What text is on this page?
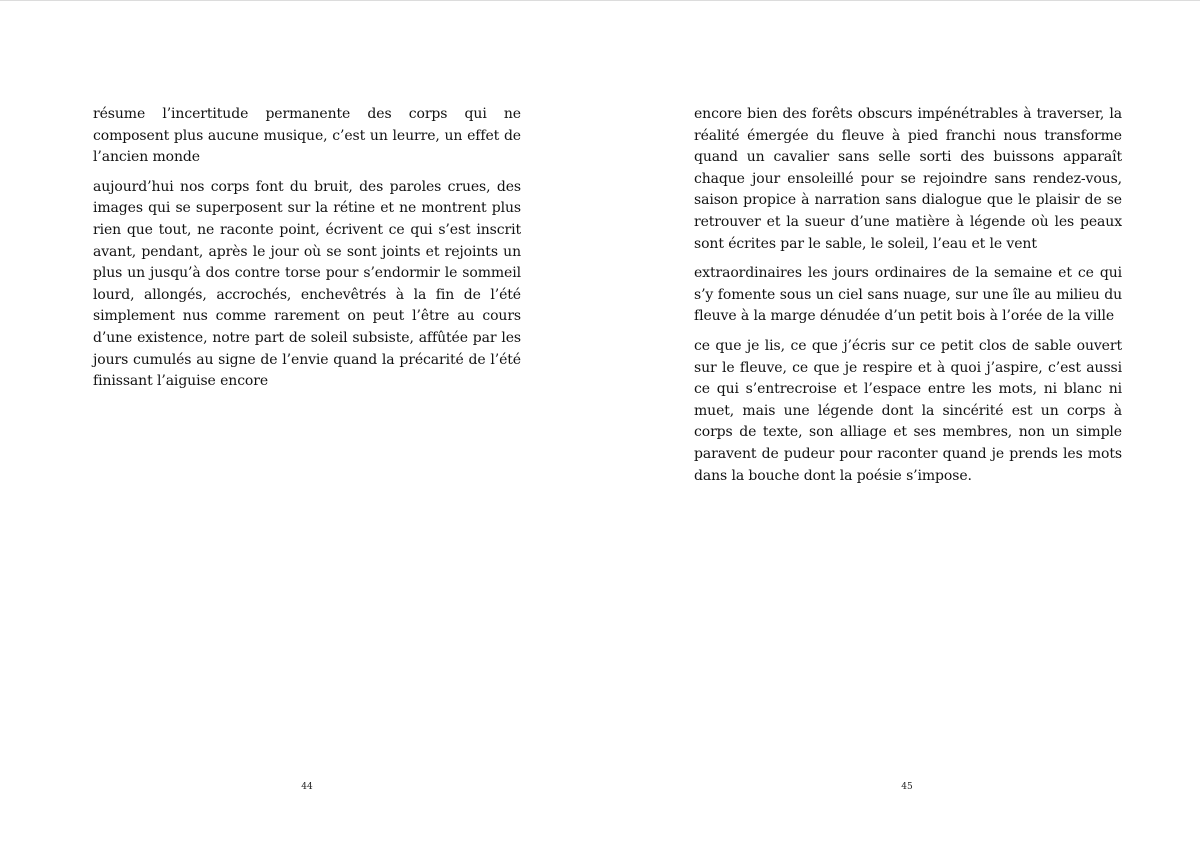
résume l’incertitude permanente des corps qui ne composent plus aucune musique, c’est un leurre, un effet de l’ancien monde

aujourd’hui nos corps font du bruit, des paroles crues, des images qui se superposent sur la rétine et ne montrent plus rien que tout, ne raconte point, écrivent ce qui s’est inscrit avant, pendant, après le jour où se sont joints et rejoints un plus un jusqu’à dos contre torse pour s’endormir le sommeil lourd, allongés, accrochés, enchevêtrés à la fin de l’été simplement nus comme rarement on peut l’être au cours d’une existence, notre part de soleil subsiste, affûtée par les jours cumulés au signe de l’envie quand la précarité de l’été finissant l’aiguise encore

44

encore bien des forêts obscurs impénétrables à traverser, la réalité émergée du fleuve à pied franchi nous transforme quand un cavalier sans selle sorti des buissons apparaît chaque jour ensoleillé pour se rejoindre sans rendez-vous, saison propice à narration sans dialogue que le plaisir de se retrouver et la sueur d’une matière à légende où les peaux sont écrites par le sable, le soleil, l’eau et le vent

extraordinaires les jours ordinaires de la semaine et ce qui s’y fomente sous un ciel sans nuage, sur une île au milieu du fleuve à la marge dénudée d’un petit bois à l’orée de la ville

ce que je lis, ce que j’écris sur ce petit clos de sable ouvert sur le fleuve, ce que je respire et à quoi j’aspire, c’est aussi ce qui s’entrecroise et l’espace entre les mots, ni blanc ni muet, mais une légende dont la sincérité est un corps à corps de texte, son alliage et ses membres, non un simple paravent de pudeur pour raconter quand je prends les mots dans la bouche dont la poésie s’impose.

45
